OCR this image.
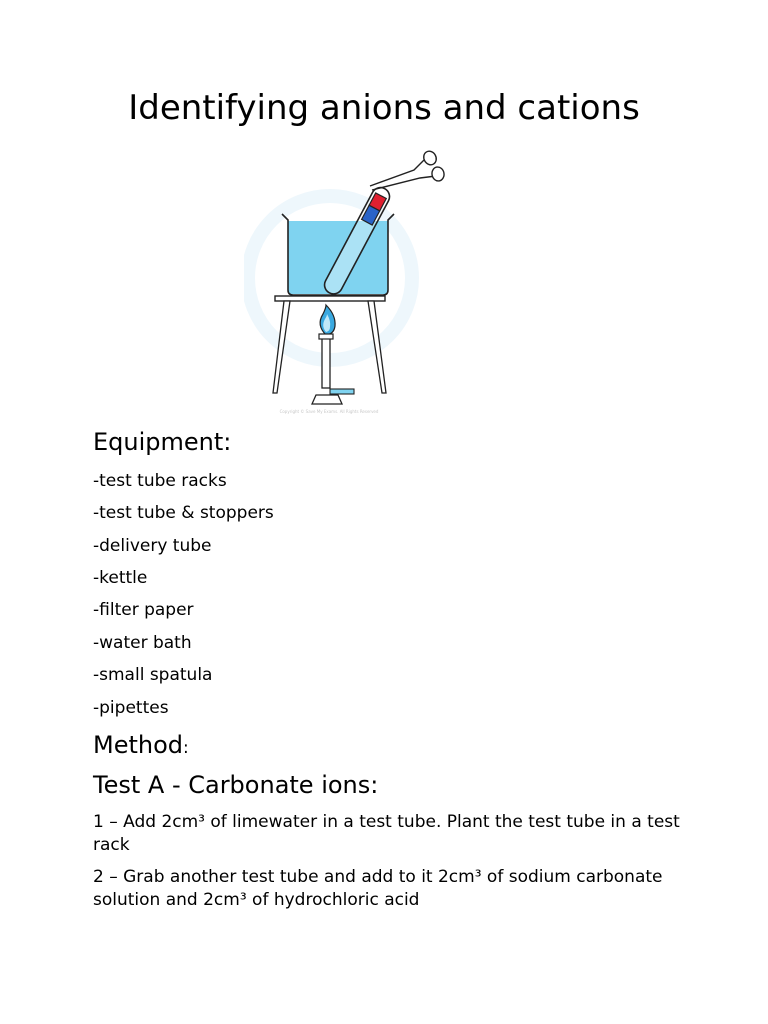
Identifying anions and cations
Copyright © Save My Exams. All Rights Reserved
Equipment:

-test tube racks

-test tube & stoppers

-delivery tube

-kettle

-filter paper

-water bath

-small spatula

-pipettes

Method:
Test A - Carbonate ions:

1 – Add 2cm³ of limewater in a test tube. Plant the test tube in a test rack

2 – Grab another test tube and add to it 2cm³ of sodium carbonate solution and 2cm³ of hydrochloric acid
